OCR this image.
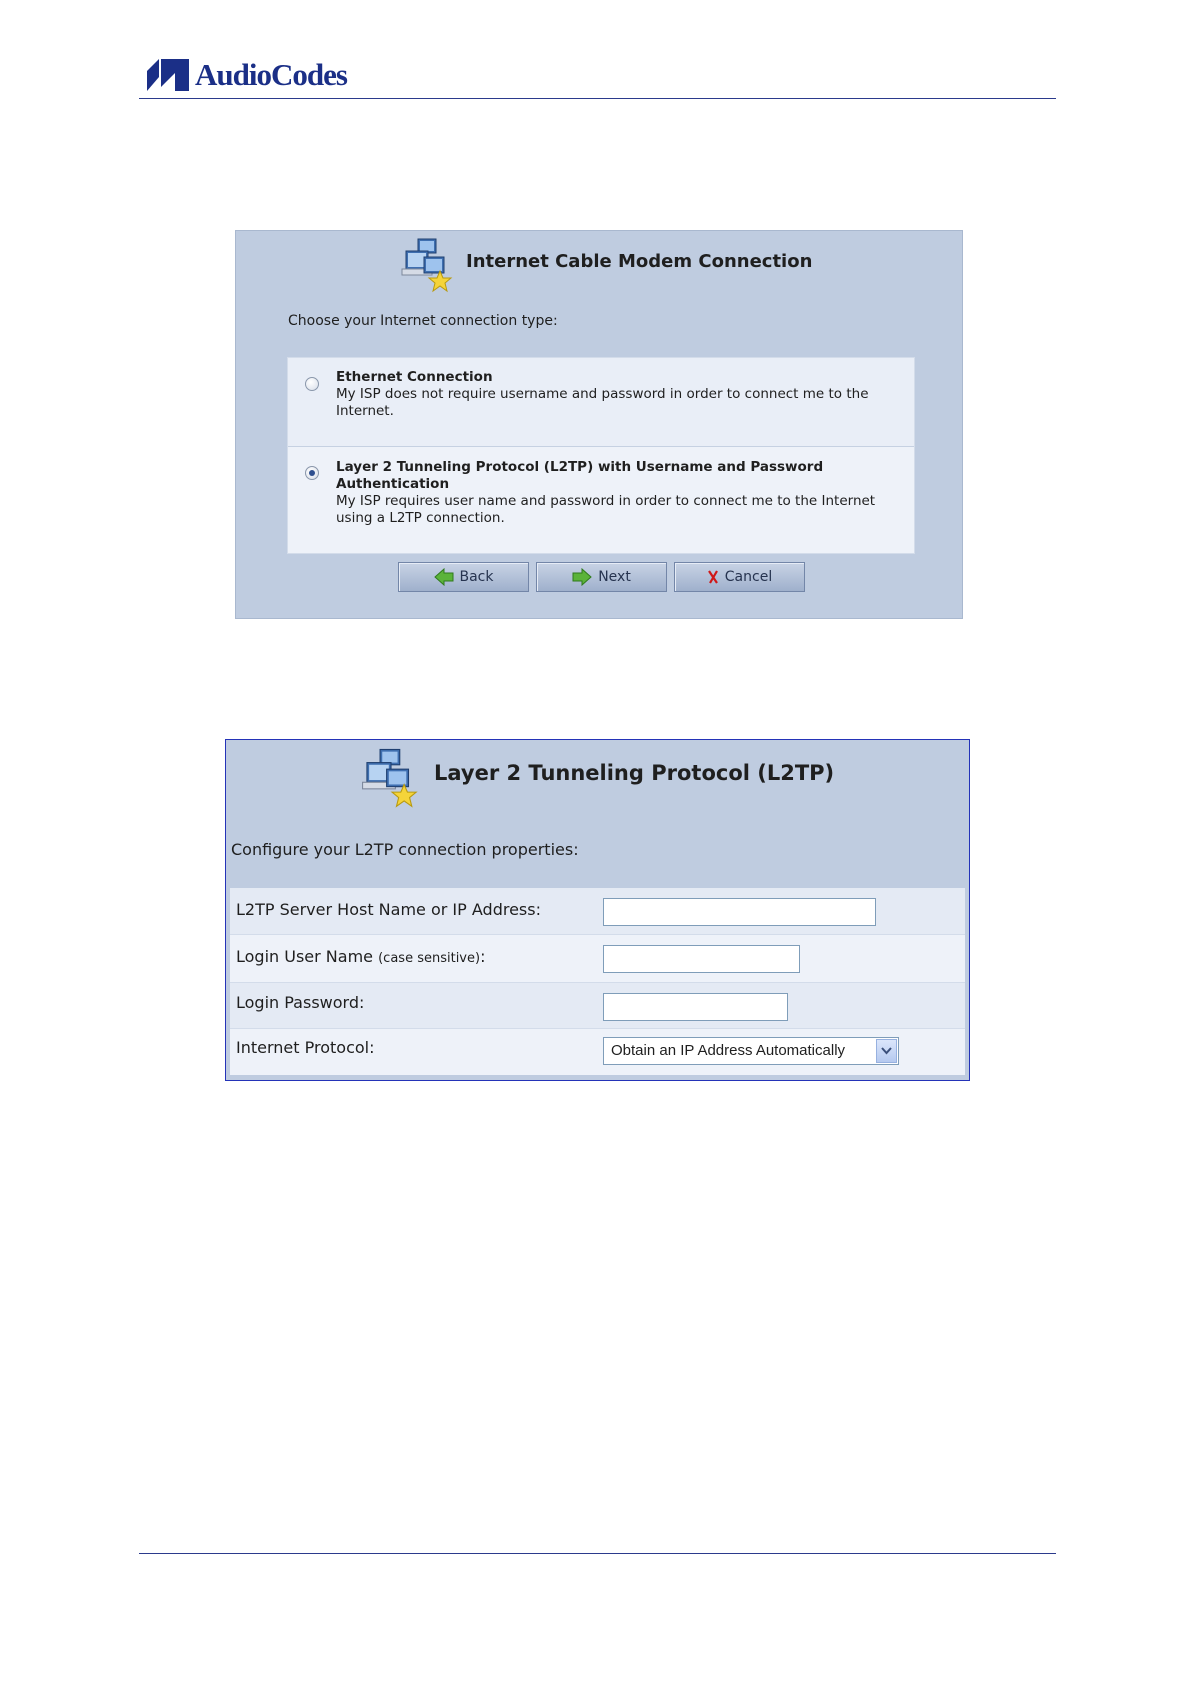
AudioCodes
Internet Cable Modem Connection
Choose your Internet connection type:
Ethernet Connection
My ISP does not require username and password in order to connect me to the Internet.
Layer 2 Tunneling Protocol (L2TP) with Username and Password Authentication
My ISP requires user name and password in order to connect me to the Internet using a L2TP connection.
Back	Next	Cancel
Layer 2 Tunneling Protocol (L2TP)
Configure your L2TP connection properties:
L2TP Server Host Name or IP Address:
Login User Name (case sensitive):
Login Password:
Internet Protocol:	Obtain an IP Address Automatically
